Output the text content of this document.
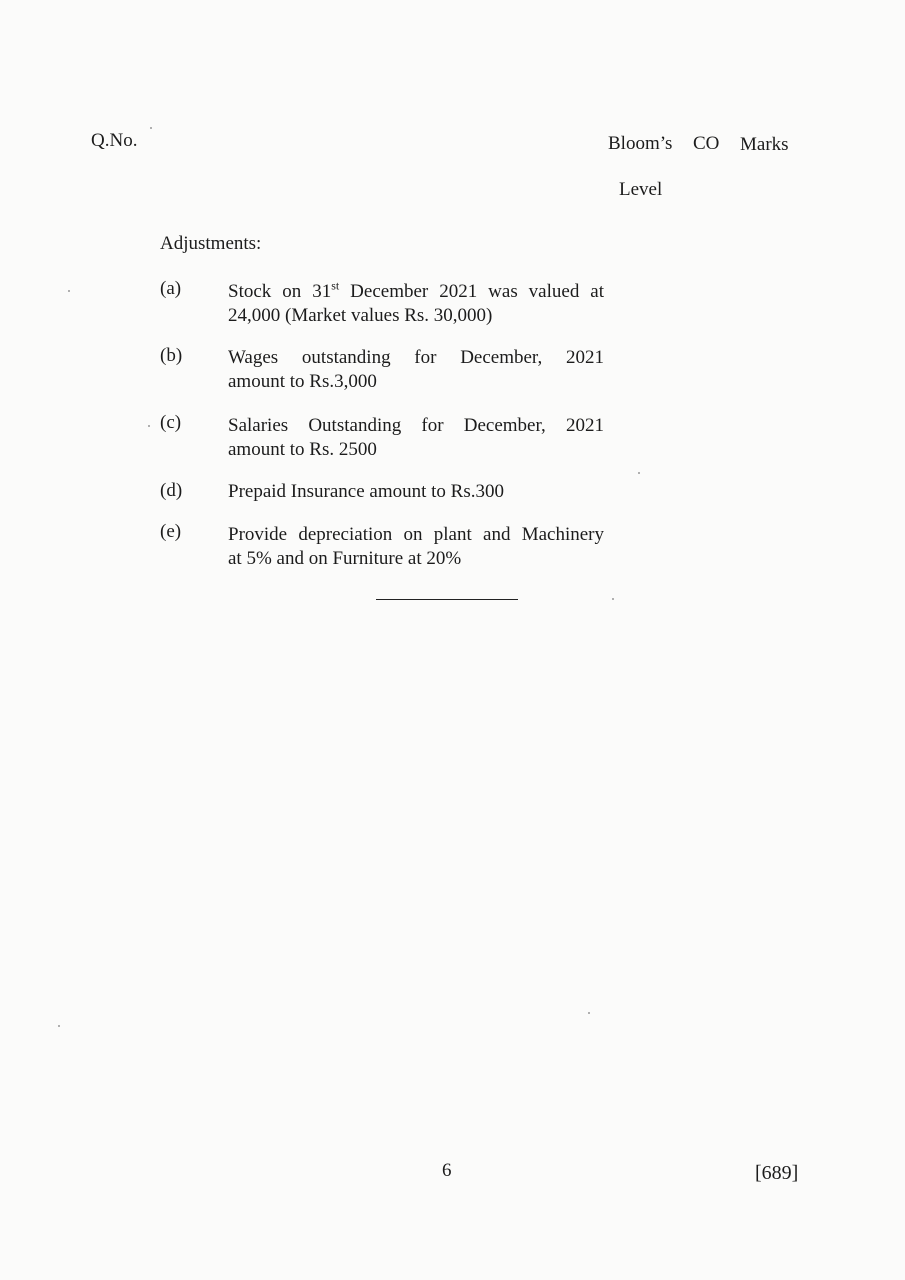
Q.No.	Bloom’s CO Marks
Level
Adjustments:
(a) Stock on 31st December 2021 was valued at
24,000 (Market values Rs. 30,000)
(b) Wages outstanding for December, 2021
amount to Rs.3,000
(c) Salaries Outstanding for December, 2021
amount to Rs. 2500
(d) Prepaid Insurance amount to Rs.300
(e) Provide depreciation on plant and Machinery
at 5% and on Furniture at 20%
6	[689]
